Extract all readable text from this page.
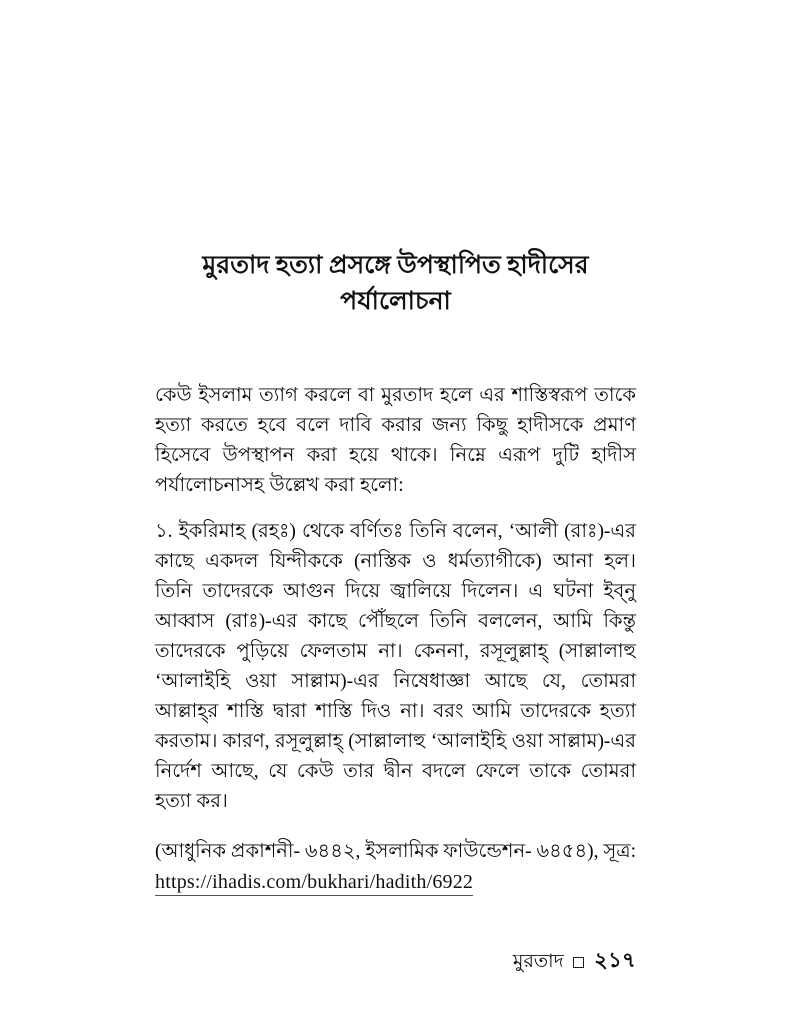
মুরতাদ হত্যা প্রসঙ্গে উপস্থাপিত হাদীসের
পর্যালোচনা

কেউ ইসলাম ত্যাগ করলে বা মুরতাদ হলে এর শাস্তিস্বরূপ তাকে হত্যা করতে হবে বলে দাবি করার জন্য কিছু হাদীসকে প্রমাণ হিসেবে উপস্থাপন করা হয়ে থাকে। নিম্নে এরূপ দুটি হাদীস পর্যালোচনাসহ উল্লেখ করা হলো:

১. ইকরিমাহ (রহঃ) থেকে বর্ণিতঃ তিনি বলেন, ‘আলী (রাঃ)-এর কাছে একদল যিন্দীককে (নাস্তিক ও ধর্মত্যাগীকে) আনা হল। তিনি তাদেরকে আগুন দিয়ে জ্বালিয়ে দিলেন। এ ঘটনা ইব্‌নু আব্বাস (রাঃ)-এর কাছে পৌঁছলে তিনি বললেন, আমি কিন্তু তাদেরকে পুড়িয়ে ফেলতাম না। কেননা, রসূলুল্লাহ্‌ (সাল্লালাহু ‘আলাইহি ওয়া সাল্লাম)-এর নিষেধাজ্ঞা আছে যে, তোমরা আল্লাহ্‌র শাস্তি দ্বারা শাস্তি দিও না। বরং আমি তাদেরকে হত্যা করতাম। কারণ, রসূলুল্লাহ্‌ (সাল্লালাহু ‘আলাইহি ওয়া সাল্লাম)-এর নির্দেশ আছে, যে কেউ তার দ্বীন বদলে ফেলে তাকে তোমরা হত্যা কর।

(আধুনিক প্রকাশনী- ৬৪৪২, ইসলামিক ফাউন্ডেশন- ৬৪৫৪), সূত্র:
https://ihadis.com/bukhari/hadith/6922
মুরতাদ ২১৭
